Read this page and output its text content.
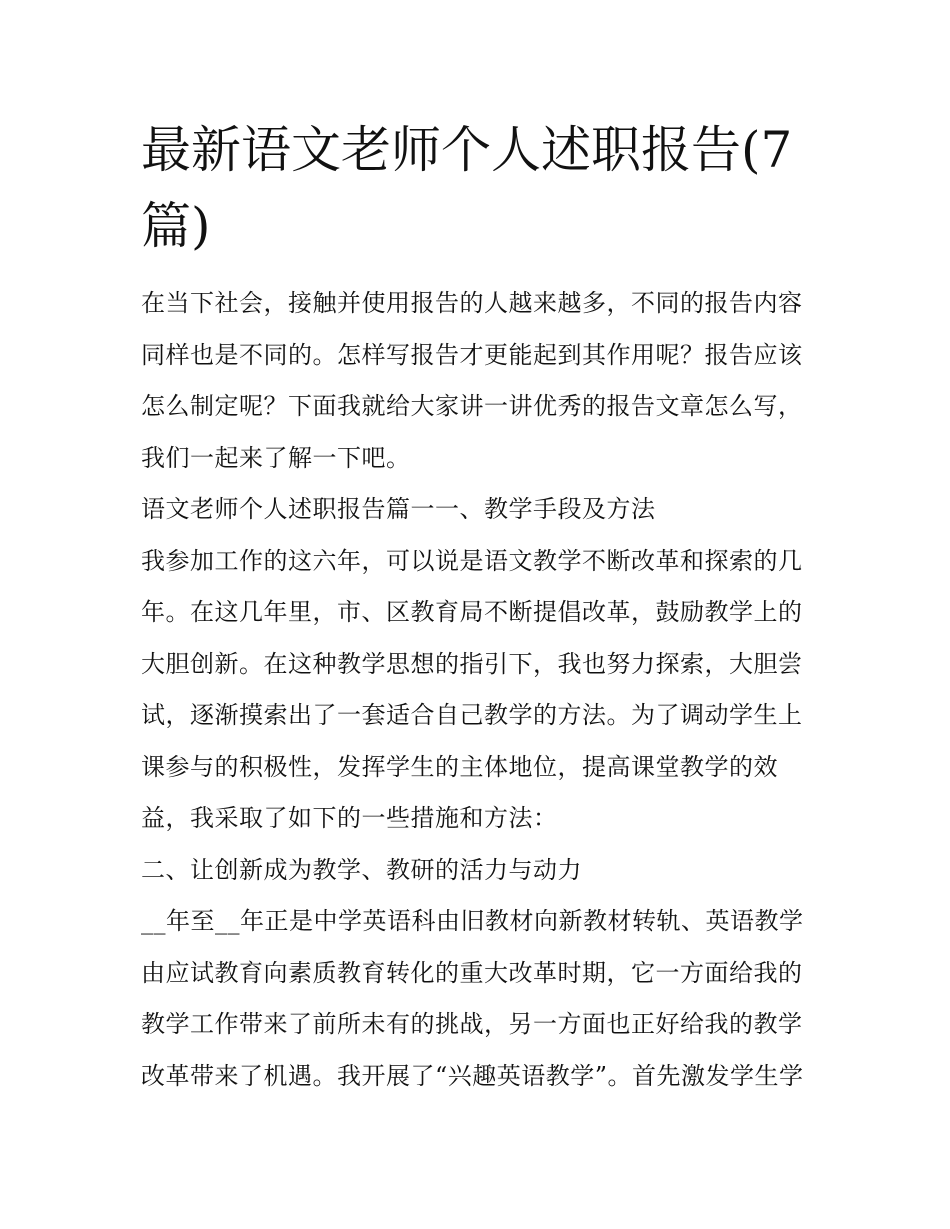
最新语文老师个人述职报告(7
篇)
在当下社会，接触并使用报告的人越来越多，不同的报告内容
同样也是不同的。怎样写报告才更能起到其作用呢？报告应该
怎么制定呢？下面我就给大家讲一讲优秀的报告文章怎么写，
我们一起来了解一下吧。
语文老师个人述职报告篇一一、教学手段及方法
我参加工作的这六年，可以说是语文教学不断改革和探索的几
年。在这几年里，市、区教育局不断提倡改革，鼓励教学上的
大胆创新。在这种教学思想的指引下，我也努力探索，大胆尝
试，逐渐摸索出了一套适合自己教学的方法。为了调动学生上
课参与的积极性，发挥学生的主体地位，提高课堂教学的效
益，我采取了如下的一些措施和方法：
二、让创新成为教学、教研的活力与动力
__年至__年正是中学英语科由旧教材向新教材转轨、英语教学
由应试教育向素质教育转化的重大改革时期，它一方面给我的
教学工作带来了前所未有的挑战，另一方面也正好给我的教学
改革带来了机遇。我开展了“兴趣英语教学”。首先激发学生学
